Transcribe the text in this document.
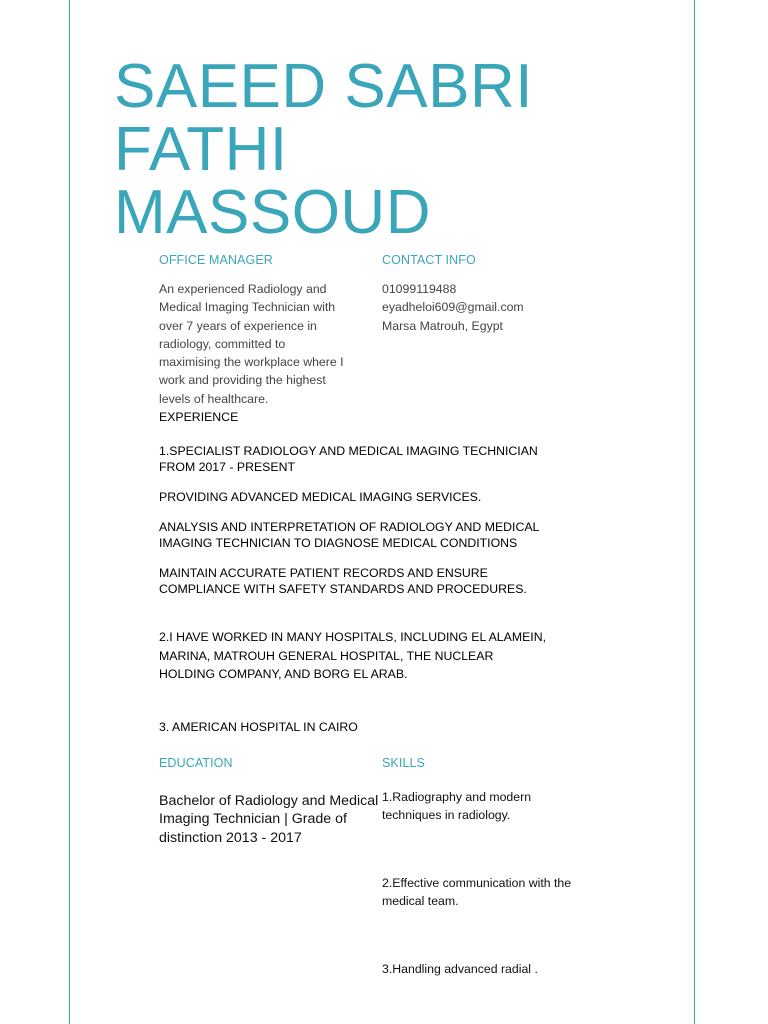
SAEED SABRI
FATHI
MASSOUD
OFFICE MANAGER	CONTACT INFO
An experienced Radiology and Medical Imaging Technician with over 7 years of experience in radiology, committed to maximising the workplace where I work and providing the highest levels of healthcare.
01099119488
eyadheloi609@gmail.com
Marsa Matrouh, Egypt
EXPERIENCE
1.SPECIALIST RADIOLOGY AND MEDICAL IMAGING TECHNICIAN FROM 2017 - PRESENT
PROVIDING ADVANCED MEDICAL IMAGING SERVICES.
ANALYSIS AND INTERPRETATION OF RADIOLOGY AND MEDICAL IMAGING TECHNICIAN TO DIAGNOSE MEDICAL CONDITIONS
MAINTAIN ACCURATE PATIENT RECORDS AND ENSURE COMPLIANCE WITH SAFETY STANDARDS AND PROCEDURES.
2.I HAVE WORKED IN MANY HOSPITALS, INCLUDING EL ALAMEIN, MARINA, MATROUH GENERAL HOSPITAL, THE NUCLEAR HOLDING COMPANY, AND BORG EL ARAB.
3. AMERICAN HOSPITAL IN CAIRO
EDUCATION	SKILLS
Bachelor of Radiology and Medical Imaging Technician | Grade of distinction 2013 - 2017
1.Radiography and modern techniques in radiology.
2.Effective communication with the medical team.
3.Handling advanced radial .
